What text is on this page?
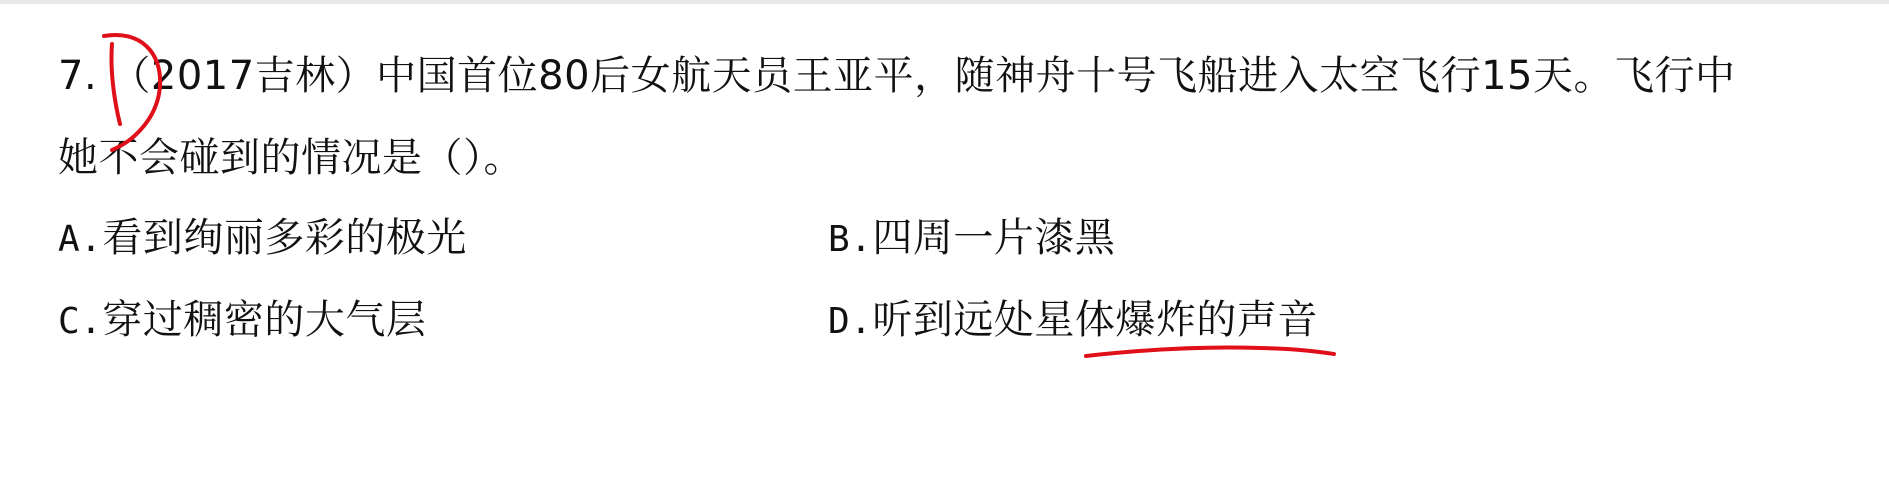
7. （2017吉林）中国首位80后女航天员王亚平，随神舟十号飞船进入太空飞行15天。飞行中
她不会碰到的情况是（）。
A.看到绚丽多彩的极光	B.四周一片漆黑
C.穿过稠密的大气层	D.听到远处星体爆炸的声音
